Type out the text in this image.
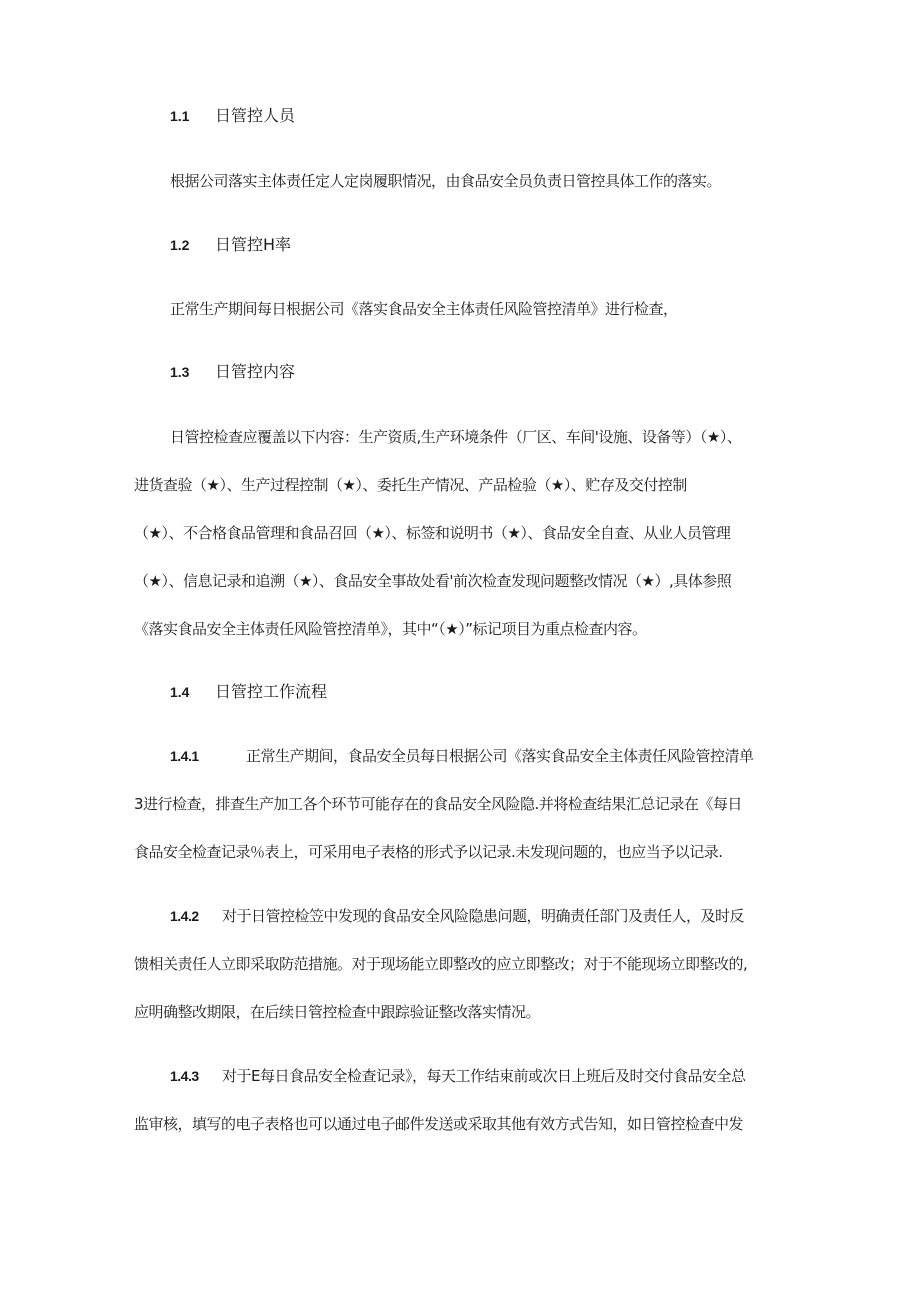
1.1 日管控人员
根据公司落实主体责任定人定岗履职情况，由食品安全员负责日管控具体工作的落实。
1.2 日管控H率
正常生产期间每日根据公司《落实食品安全主体责任风险管控清单》进行检查，
1.3 日管控内容
日管控检查应覆盖以下内容：生产资质,生产环境条件（厂区、车间'设施、设备等）（★）、
进货查验（★）、生产过程控制（★）、委托生产情况、产品检验（★）、贮存及交付控制
（★）、不合格食品管理和食品召回（★）、标签和说明书（★）、食品安全自查、从业人员管理
（★）、信息记录和追溯（★）、食品安全事故处看'前次检查发现问题整改情况（★）,具体参照
《落实食品安全主体责任风险管控清单》，其中“（★）”标记项目为重点检查内容。
1.4 日管控工作流程
1.4.1	正常生产期间，食品安全员每日根据公司《落实食品安全主体责任风险管控清单
3进行检查，排查生产加工各个环节可能存在的食品安全风险隐.并将检查结果汇总记录在《每日
食品安全检查记录％表上，可采用电子表格的形式予以记录.未发现问题的，也应当予以记录.
1.4.2 对于日管控检笠中发现的食品安全风险隐患问题，明确责任部门及责任人，及时反
馈相关责任人立即采取防范措施。对于现场能立即整改的应立即整改；对于不能现场立即整改的,
应明确整改期限，在后续日管控检查中跟踪验证整改落实情况。
1.4.3 对于E每日食品安全检查记录》，每天工作结束前或次日上班后及时交付食品安全总
监审核，填写的电子表格也可以通过电子邮件发送或采取其他有效方式告知，如日管控检查中发
